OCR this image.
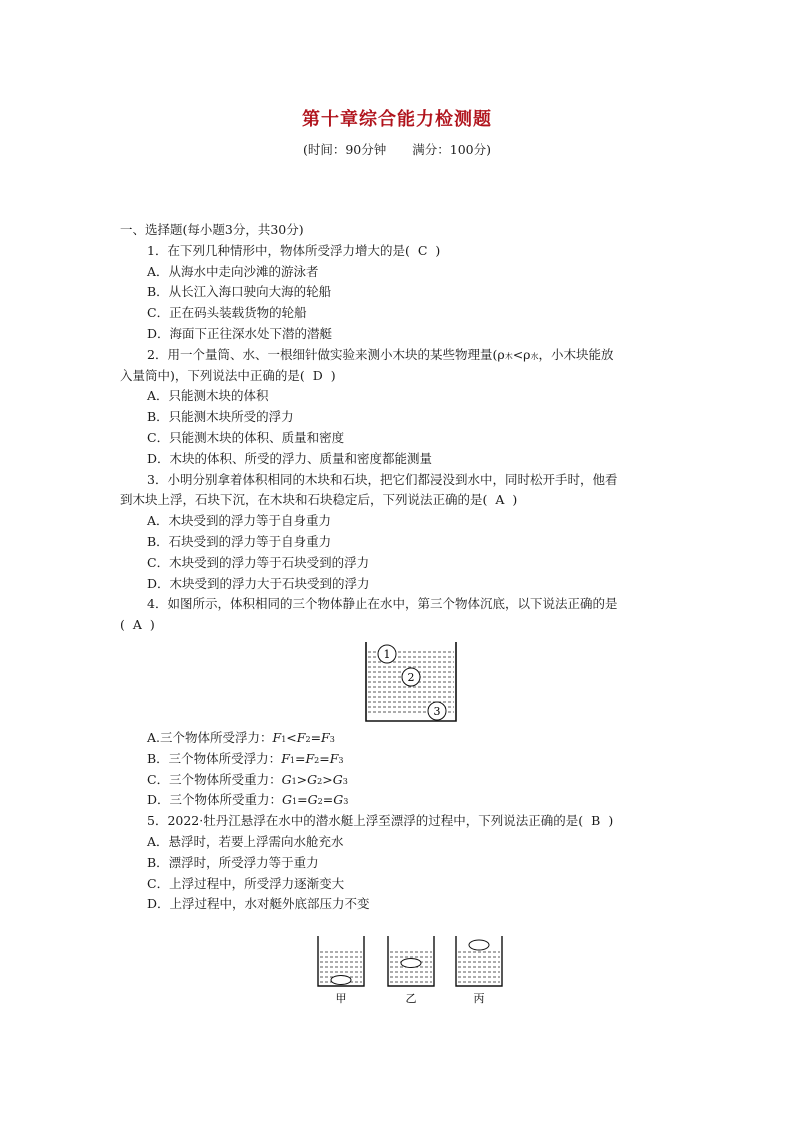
第十章综合能力检测题
(时间：90分钟 满分：100分)
一、选择题(每小题3分，共30分)
1．在下列几种情形中，物体所受浮力增大的是( C )
A．从海水中走向沙滩的游泳者
B．从长江入海口驶向大海的轮船
C．正在码头装载货物的轮船
D．海面下正往深水处下潜的潜艇
2．用一个量筒、水、一根细针做实验来测小木块的某些物理量(ρ木<ρ水，小木块能放
入量筒中)，下列说法中正确的是( D )
A．只能测木块的体积
B．只能测木块所受的浮力
C．只能测木块的体积、质量和密度
D．木块的体积、所受的浮力、质量和密度都能测量
3．小明分别拿着体积相同的木块和石块，把它们都浸没到水中，同时松开手时，他看
到木块上浮，石块下沉，在木块和石块稳定后，下列说法正确的是( A )
A．木块受到的浮力等于自身重力
B．石块受到的浮力等于自身重力
C．木块受到的浮力等于石块受到的浮力
D．木块受到的浮力大于石块受到的浮力
4．如图所示，体积相同的三个物体静止在水中，第三个物体沉底，以下说法正确的是
( A )
1
2
3
A.三个物体所受浮力：F1<F2=F3
B．三个物体所受浮力：F1=F2=F3
C．三个物体所受重力：G1>G2>G3
D．三个物体所受重力：G1=G2=G3
5．2022·牡丹江悬浮在水中的潜水艇上浮至漂浮的过程中，下列说法正确的是( B )
A．悬浮时，若要上浮需向水舱充水
B．漂浮时，所受浮力等于重力
C．上浮过程中，所受浮力逐渐变大
D．上浮过程中，水对艇外底部压力不变
甲	乙	丙
